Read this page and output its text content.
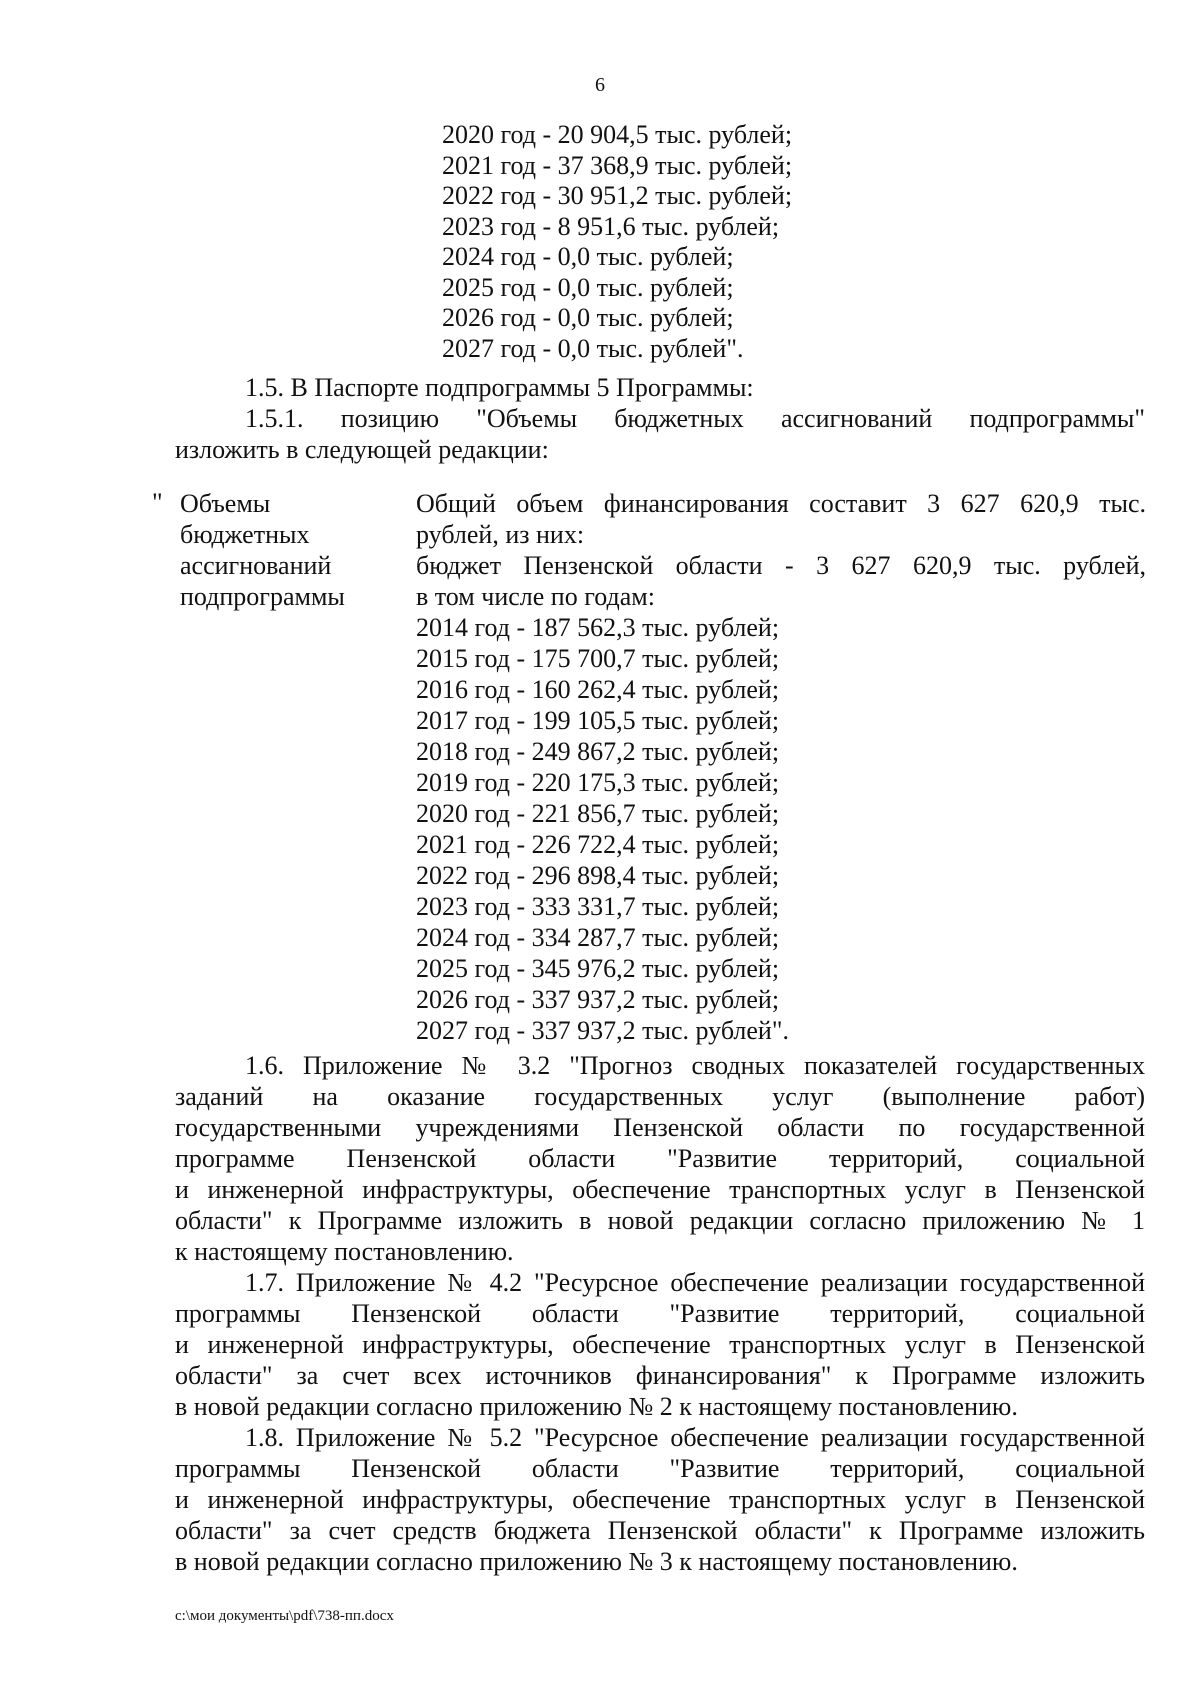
6
2020 год - 20 904,5 тыс. рублей;
2021 год - 37 368,9 тыс. рублей;
2022 год - 30 951,2 тыс. рублей;
2023 год - 8 951,6 тыс. рублей;
2024 год - 0,0 тыс. рублей;
2025 год - 0,0 тыс. рублей;
2026 год - 0,0 тыс. рублей;
2027 год - 0,0 тыс. рублей".
1.5. В Паспорте подпрограммы 5 Программы:
1.5.1. позицию "Объемы бюджетных ассигнований подпрограммы"
изложить в следующей редакции:
" Объемы
бюджетных
ассигнований
подпрограммы
Общий объем финансирования составит 3 627 620,9 тыс.
рублей, из них:
бюджет Пензенской области - 3 627 620,9 тыс. рублей,
в том числе по годам:
2014 год - 187 562,3 тыс. рублей;
2015 год - 175 700,7 тыс. рублей;
2016 год - 160 262,4 тыс. рублей;
2017 год - 199 105,5 тыс. рублей;
2018 год - 249 867,2 тыс. рублей;
2019 год - 220 175,3 тыс. рублей;
2020 год - 221 856,7 тыс. рублей;
2021 год - 226 722,4 тыс. рублей;
2022 год - 296 898,4 тыс. рублей;
2023 год - 333 331,7 тыс. рублей;
2024 год - 334 287,7 тыс. рублей;
2025 год - 345 976,2 тыс. рублей;
2026 год - 337 937,2 тыс. рублей;
2027 год - 337 937,2 тыс. рублей".
1.6. Приложение № 3.2 "Прогноз сводных показателей государственных
заданий на оказание государственных услуг (выполнение работ)
государственными учреждениями Пензенской области по государственной
программе Пензенской области "Развитие территорий, социальной
и инженерной инфраструктуры, обеспечение транспортных услуг в Пензенской
области" к Программе изложить в новой редакции согласно приложению № 1
к настоящему постановлению.
1.7. Приложение № 4.2 "Ресурсное обеспечение реализации государственной
программы Пензенской области "Развитие территорий, социальной
и инженерной инфраструктуры, обеспечение транспортных услуг в Пензенской
области" за счет всех источников финансирования" к Программе изложить
в новой редакции согласно приложению № 2 к настоящему постановлению.
1.8. Приложение № 5.2 "Ресурсное обеспечение реализации государственной
программы Пензенской области "Развитие территорий, социальной
и инженерной инфраструктуры, обеспечение транспортных услуг в Пензенской
области" за счет средств бюджета Пензенской области" к Программе изложить
в новой редакции согласно приложению № 3 к настоящему постановлению.
c:\мои документы\pdf\738-пп.docx
